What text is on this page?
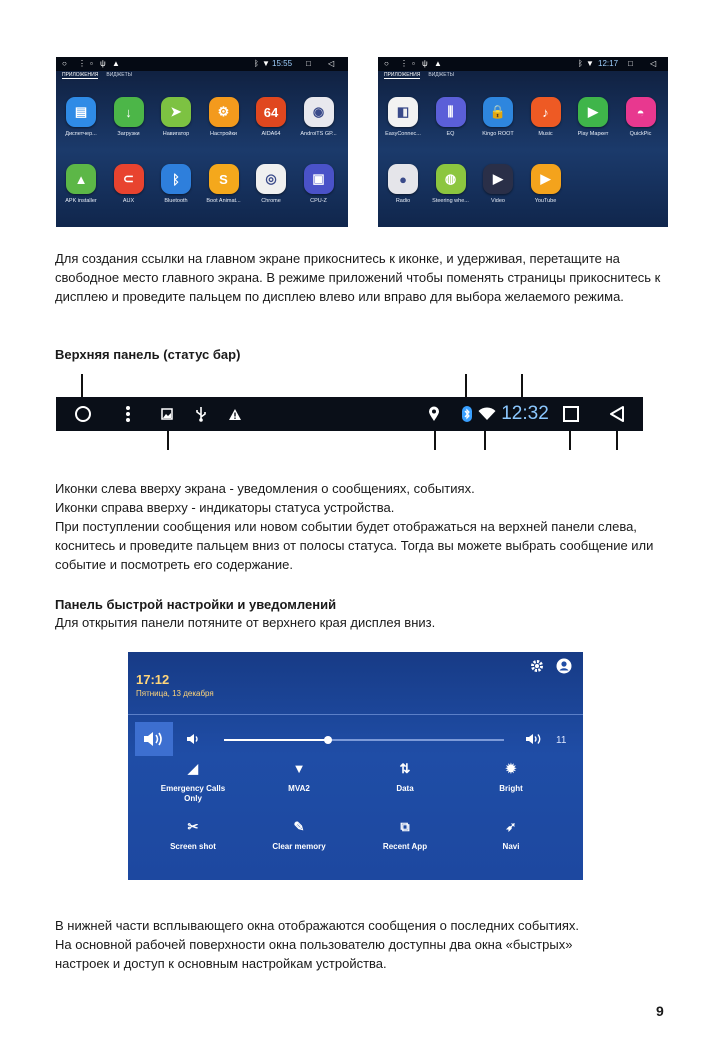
○ ⋮ ▫ ψ ▲	ᛒ ▼ 15:55 □ ◁
ПРИЛОЖЕНИЯ ВИДЖЕТЫ
▤
Диспетчер...
↓
Загрузки
➤
Навигатор
⚙
Настройки
64
AIDA64
◉
AndroiTS GP...
▲
APK installer
⊂
AUX
ᛒ
Bluetooth
S
Boot Animat...
◎
Chrome
▣
CPU-Z
○ ⋮ ▫ ψ ▲	ᛒ ▼ 12:17 □ ◁
ПРИЛОЖЕНИЯ ВИДЖЕТЫ
◧
EasyConnec...
⫼
EQ
🔒
Kingo ROOT
♪
Music
▶
Play Маркет
◓
QuickPic
●
Radio
◍
Steering whe...
▶
Video
▶
YouTube
Для создания ссылки на главном экране прикоснитесь к иконке, и удерживая, перетащите на свободное место главного экрана. В режиме приложений чтобы поменять страницы прикоснитесь к дисплею и проведите пальцем по дисплею влево или вправо для выбора желаемого режима.
Верхняя панель (статус бар)
12:32
Иконки слева вверху экрана - уведомления о сообщениях, событиях.
Иконки справа вверху - индикаторы статуса устройства.
При поступлении сообщения или новом событии будет отображаться на верхней панели слева, коснитесь и проведите пальцем вниз от полосы статуса. Тогда вы можете выбрать сообщение или событие и посмотреть его содержание.
Панель быстрой настройки и уведомлений
Для открытия панели потяните от верхнего края дисплея вниз.
17:12
Пятница, 13 декабря
11
◢
Emergency Calls
Only
▼
MVA2
⇅
Data
✹
Bright
✂
Screen shot
✎
Clear memory
⧉
Recent App
➶
Navi
В нижней части всплывающего окна отображаются сообщения о последних событиях.
На основной рабочей поверхности окна пользователю доступны два окна «быстрых»
настроек и доступ к основным настройкам устройства.
9
